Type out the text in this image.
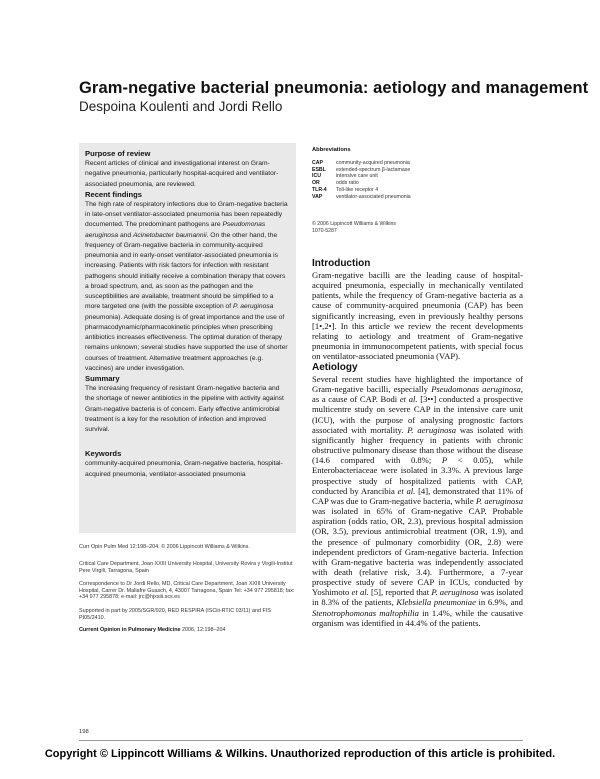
Gram-negative bacterial pneumonia: aetiology and management
Despoina Koulenti and Jordi Rello
Purpose of review
Recent articles of clinical and investigational interest on Gram-negative pneumonia, particularly hospital-acquired and ventilator-associated pneumonia, are reviewed.
Recent findings
The high rate of respiratory infections due to Gram-negative bacteria in late-onset ventilator-associated pneumonia has been repeatedly documented. The predominant pathogens are Pseudomonas aeruginosa and Acinetobacter baumannii. On the other hand, the frequency of Gram-negative bacteria in community-acquired pneumonia and in early-onset ventilator-associated pneumonia is increasing. Patients with risk factors for infection with resistant pathogens should initially receive a combination therapy that covers a broad spectrum, and, as soon as the pathogen and the susceptibilities are available, treatment should be simplified to a more targeted one (with the possible exception of P. aeruginosa pneumonia). Adequate dosing is of great importance and the use of pharmacodynamic/pharmacokinetic principles when prescribing antibiotics increases effectiveness. The optimal duration of therapy remains unknown; several studies have supported the use of shorter courses of treatment. Alternative treatment approaches (e.g. vaccines) are under investigation.
Summary
The increasing frequency of resistant Gram-negative bacteria and the shortage of newer antibiotics in the pipeline with activity against Gram-negative bacteria is of concern. Early effective antimicrobial treatment is a key for the resolution of infection and improved survival.
Keywords
community-acquired pneumonia, Gram-negative bacteria, hospital-acquired pneumonia, ventilator-associated pneumonia
Curr Opin Pulm Med 12:198–204. © 2006 Lippincott Williams & Wilkins.
Critical Care Department, Joan XXIII University Hospital, University Rovira y Virgili-Institut Pere Virgili, Tarragona, Spain
Correspondence to Dr Jordi Rello, MD, Critical Care Department, Joan XXIII University Hospital, Carrer Dr. Mallafre Guasch, 4, 43007 Tarragona, Spain Tel: +34 977 295818; fax: +34 977 295878; e-mail: jrc@hjxxiii.scs.es
Supported in part by 2005/SGR/920, RED RESPIRA (ISCiii-RTIC 03/11) and FIS PI05/2410.
Current Opinion in Pulmonary Medicine 2006, 12:198–204
Abbreviations
CAP	community-acquired pneumonia
ESBL	extended-spectrum β-lactamase
ICU	intensive care unit
OR	odds ratio
TLR-4	Toll-like receptor 4
VAP	ventilator-associated pneumonia
© 2006 Lippincott Williams & Wilkins
1070-5287
Introduction
Gram-negative bacilli are the leading cause of hospital-acquired pneumonia, especially in mechanically ventilated patients, while the frequency of Gram-negative bacteria as a cause of community-acquired pneumonia (CAP) has been significantly increasing, even in previously healthy persons [1•,2•]. In this article we review the recent developments relating to aetiology and treatment of Gram-negative pneumonia in immunocompetent patients, with special focus on ventilator-associated pneumonia (VAP).
Aetiology
Several recent studies have highlighted the importance of Gram-negative bacilli, especially Pseudomonas aeruginosa, as a cause of CAP. Bodi et al. [3••] conducted a prospective multicentre study on severe CAP in the intensive care unit (ICU), with the purpose of analysing prognostic factors associated with mortality. P. aeruginosa was isolated with significantly higher frequency in patients with chronic obstructive pulmonary disease than those without the disease (14.6 compared with 0.8%; P < 0.05), while Enterobacteriaceae were isolated in 3.3%. A previous large prospective study of hospitalized patients with CAP, conducted by Arancibia et al. [4], demonstrated that 11% of CAP was due to Gram-negative bacteria, while P. aeruginosa was isolated in 65% of Gram-negative CAP. Probable aspiration (odds ratio, OR, 2.3), previous hospital admission (OR, 3.5), previous antimicrobial treatment (OR, 1.9), and the presence of pulmonary comorbidity (OR, 2.8) were independent predictors of Gram-negative bacteria. Infection with Gram-negative bacteria was independently associated with death (relative risk, 3.4). Furthermore, a 7-year prospective study of severe CAP in ICUs, conducted by Yoshimoto et al. [5], reported that P. aeruginosa was isolated in 8.3% of the patients, Klebsiella pneumoniae in 6.9%, and Stenotrophomonas maltophilia in 1.4%, while the causative organism was identified in 44.4% of the patients.
198
Copyright © Lippincott Williams & Wilkins. Unauthorized reproduction of this article is prohibited.
